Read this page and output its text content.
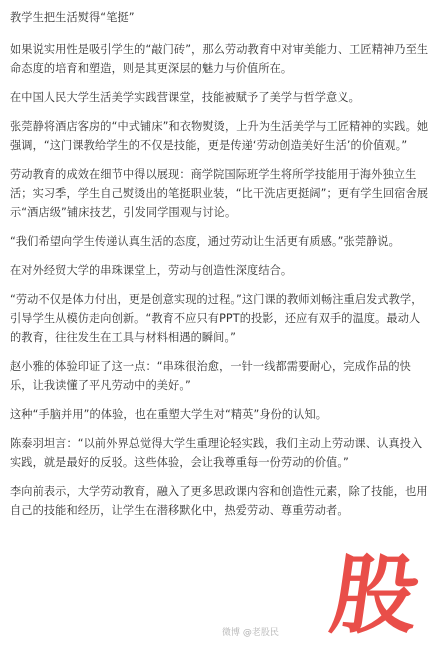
教学生把生活熨得“笔挺”

如果说实用性是吸引学生的“敲门砖”，那么劳动教育中对审美能力、工匠精神乃至生命态度的培育和塑造，则是其更深层的魅力与价值所在。

在中国人民大学生活美学实践营课堂，技能被赋予了美学与哲学意义。

张莞静将酒店客房的“中式铺床”和衣物熨烫，上升为生活美学与工匠精神的实践。她强调，“这门课教给学生的不仅是技能，更是传递‘劳动创造美好生活’的价值观。”

劳动教育的成效在细节中得以展现：商学院国际班学生将所学技能用于海外独立生活；实习季，学生自己熨烫出的笔挺职业装，“比干洗店更挺阔”；更有学生回宿舍展示“酒店级”铺床技艺，引发同学围观与讨论。

“我们希望向学生传递认真生活的态度，通过劳动让生活更有质感。”张莞静说。

在对外经贸大学的串珠课堂上，劳动与创造性深度结合。

“劳动不仅是体力付出，更是创意实现的过程。”这门课的教师刘畅注重启发式教学，引导学生从模仿走向创新。“教育不应只有PPT的投影，还应有双手的温度。最动人的教育，往往发生在工具与材料相遇的瞬间。”

赵小雅的体验印证了这一点：“串珠很治愈，一针一线都需要耐心，完成作品的快乐，让我读懂了平凡劳动中的美好。”

这种“手脑并用”的体验，也在重塑大学生对“精英”身份的认知。

陈泰羽坦言：“以前外界总觉得大学生重理论轻实践，我们主动上劳动课、认真投入实践，就是最好的反驳。这些体验，会让我尊重每一份劳动的价值。”

李向前表示，大学劳动教育，融入了更多思政课内容和创造性元素，除了技能，也用自己的技能和经历，让学生在潜移默化中，热爱劳动、尊重劳动者。

微博 @老股民 股
